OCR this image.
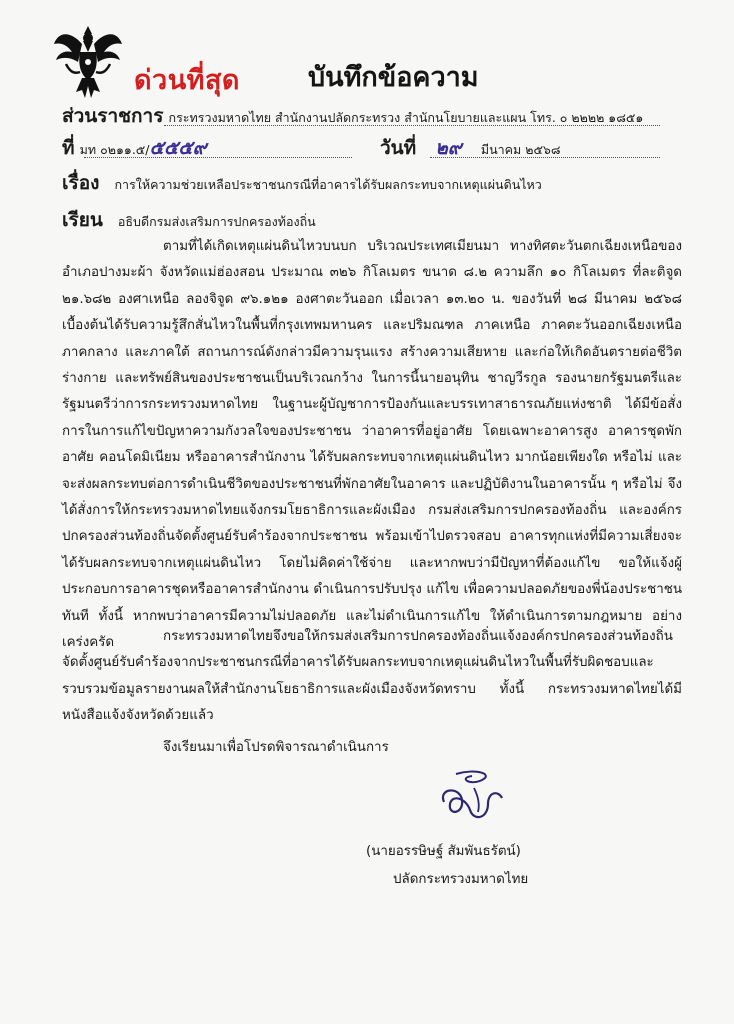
ด่วนที่สุด	บันทึกข้อความ
ส่วนราชการ กระทรวงมหาดไทย สำนักงานปลัดกระทรวง สำนักนโยบายและแผน โทร. ๐ ๒๒๒๒ ๑๘๕๑
ที่ มท ๐๒๑๑.๕/๕๕๕๙	วันที่ ๒๙ มีนาคม ๒๕๖๘
เรื่อง การให้ความช่วยเหลือประชาชนกรณีที่อาคารได้รับผลกระทบจากเหตุแผ่นดินไหว
เรียน อธิบดีกรมส่งเสริมการปกครองท้องถิ่น

ตามที่ได้เกิดเหตุแผ่นดินไหวบนบก บริเวณประเทศเมียนมา ทางทิศตะวันตกเฉียงเหนือของ อำเภอปางมะผ้า จังหวัดแม่ฮ่องสอน ประมาณ ๓๒๖ กิโลเมตร ขนาด ๘.๒ ความลึก ๑๐ กิโลเมตร ที่ละติจูด ๒๑.๖๘๒ องศาเหนือ ลองจิจูด ๙๖.๑๒๑ องศาตะวันออก เมื่อเวลา ๑๓.๒๐ น. ของวันที่ ๒๘ มีนาคม ๒๕๖๘ เบื้องต้นได้รับความรู้สึกสั่นไหวในพื้นที่กรุงเทพมหานคร และปริมณฑล ภาคเหนือ ภาคตะวันออกเฉียงเหนือ ภาคกลาง และภาคใต้ สถานการณ์ดังกล่าวมีความรุนแรง สร้างความเสียหาย และก่อให้เกิดอันตรายต่อชีวิต ร่างกาย และทรัพย์สินของประชาชนเป็นบริเวณกว้าง ในการนี้นายอนุทิน ชาญวีรกูล รองนายกรัฐมนตรีและรัฐมนตรีว่าการกระทรวงมหาดไทย ในฐานะผู้บัญชาการป้องกันและบรรเทาสาธารณภัยแห่งชาติ ได้มีข้อสั่งการในการแก้ไขปัญหาความกังวลใจของประชาชน ว่าอาคารที่อยู่อาศัย โดยเฉพาะอาคารสูง อาคารชุดพักอาศัย คอนโดมิเนียม หรืออาคารสำนักงาน ได้รับผลกระทบจากเหตุแผ่นดินไหว มากน้อยเพียงใด หรือไม่ และจะส่งผลกระทบต่อการดำเนินชีวิตของประชาชนที่พักอาศัยในอาคาร และปฏิบัติงานในอาคารนั้น ๆ หรือไม่ จึงได้สั่งการให้กระทรวงมหาดไทยแจ้งกรมโยธาธิการและผังเมือง กรมส่งเสริมการปกครองท้องถิ่น และองค์กรปกครองส่วนท้องถิ่นจัดตั้งศูนย์รับคำร้องจากประชาชน พร้อมเข้าไปตรวจสอบ อาคารทุกแห่งที่มีความเสี่ยงจะได้รับผลกระทบจากเหตุแผ่นดินไหว โดยไม่คิดค่าใช้จ่าย และหากพบว่ามีปัญหาที่ต้องแก้ไข ขอให้แจ้งผู้ประกอบการอาคารชุดหรืออาคารสำนักงาน ดำเนินการปรับปรุง แก้ไข เพื่อความปลอดภัยของพี่น้องประชาชนทันที ทั้งนี้ หากพบว่าอาคารมีความไม่ปลอดภัย และไม่ดำเนินการแก้ไข ให้ดำเนินการตามกฎหมาย อย่างเคร่งครัด	กระทรวงมหาดไทยจึงขอให้กรมส่งเสริมการปกครองท้องถิ่นแจ้งองค์กรปกครองส่วนท้องถิ่นจัดตั้งศูนย์รับคำร้องจากประชาชนกรณีที่อาคารได้รับผลกระทบจากเหตุแผ่นดินไหวในพื้นที่รับผิดชอบและรวบรวมข้อมูลรายงานผลให้สำนักงานโยธาธิการและผังเมืองจังหวัดทราบ ทั้งนี้ กระทรวงมหาดไทยได้มีหนังสือแจ้งจังหวัดด้วยแล้ว

จึงเรียนมาเพื่อโปรดพิจารณาดำเนินการ
(นายอรรษิษฐ์ สัมพันธรัตน์)
ปลัดกระทรวงมหาดไทย
